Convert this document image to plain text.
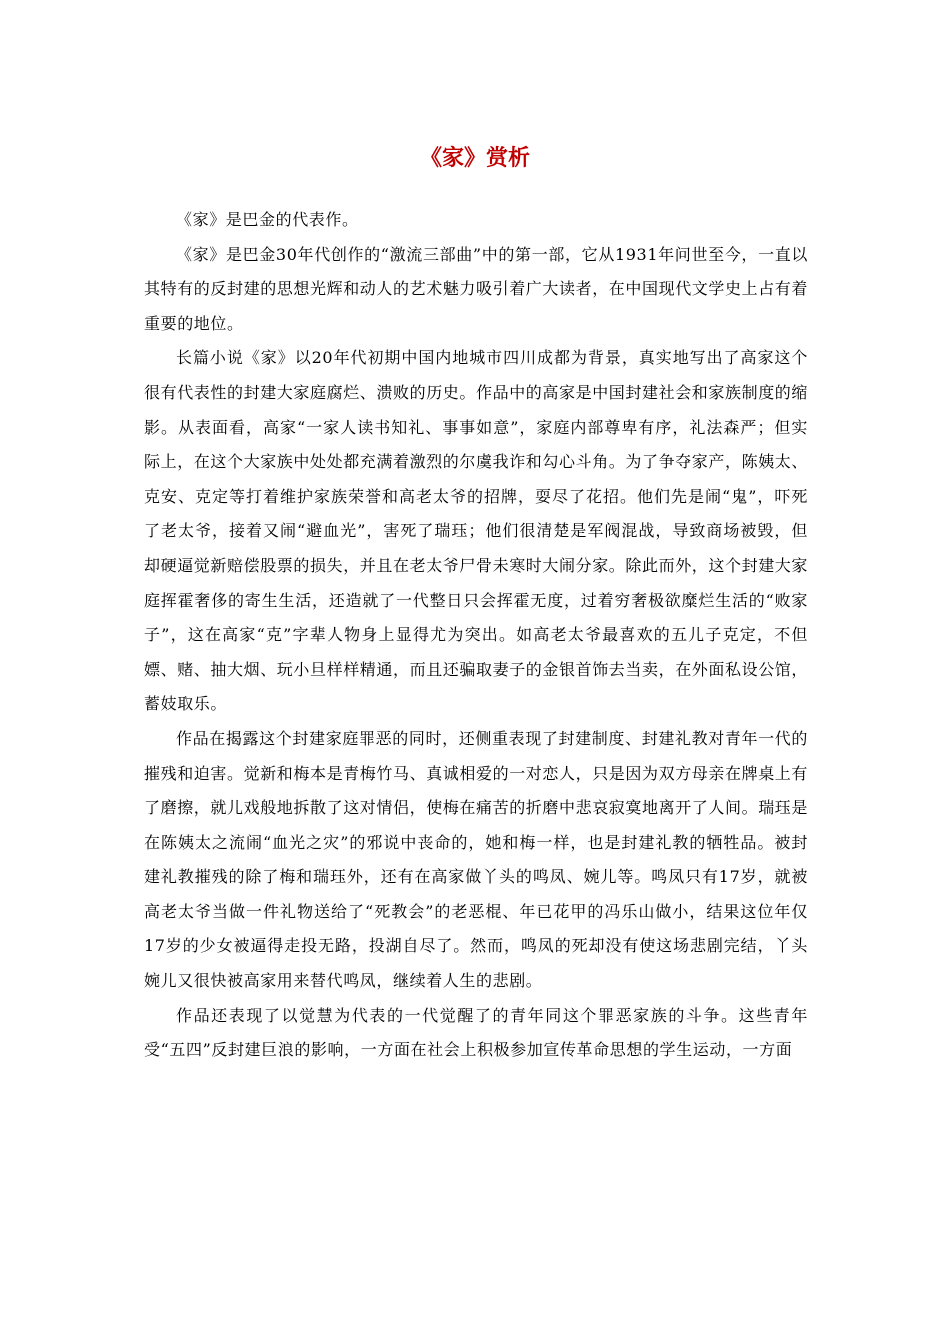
《家》赏析

《家》是巴金的代表作。

《家》是巴金30年代创作的“激流三部曲”中的第一部，它从1931年问世至今，一直以其特有的反封建的思想光辉和动人的艺术魅力吸引着广大读者，在中国现代文学史上占有着重要的地位。

长篇小说《家》以20年代初期中国内地城市四川成都为背景，真实地写出了高家这个很有代表性的封建大家庭腐烂、溃败的历史。作品中的高家是中国封建社会和家族制度的缩影。从表面看，高家“一家人读书知礼、事事如意”，家庭内部尊卑有序，礼法森严；但实际上，在这个大家族中处处都充满着激烈的尔虞我诈和勾心斗角。为了争夺家产，陈姨太、克安、克定等打着维护家族荣誉和高老太爷的招牌，耍尽了花招。他们先是闹“鬼”，吓死了老太爷，接着又闹“避血光”，害死了瑞珏；他们很清楚是军阀混战，导致商场被毁，但却硬逼觉新赔偿股票的损失，并且在老太爷尸骨未寒时大闹分家。除此而外，这个封建大家庭挥霍奢侈的寄生生活，还造就了一代整日只会挥霍无度，过着穷奢极欲糜烂生活的“败家子”，这在高家“克”字辈人物身上显得尤为突出。如高老太爷最喜欢的五儿子克定，不但嫖、赌、抽大烟、玩小旦样样精通，而且还骗取妻子的金银首饰去当卖，在外面私设公馆，蓄妓取乐。

作品在揭露这个封建家庭罪恶的同时，还侧重表现了封建制度、封建礼教对青年一代的摧残和迫害。觉新和梅本是青梅竹马、真诚相爱的一对恋人，只是因为双方母亲在牌桌上有了磨擦，就儿戏般地拆散了这对情侣，使梅在痛苦的折磨中悲哀寂寞地离开了人间。瑞珏是在陈姨太之流闹“血光之灾”的邪说中丧命的，她和梅一样，也是封建礼教的牺牲品。被封建礼教摧残的除了梅和瑞珏外，还有在高家做丫头的鸣凤、婉儿等。鸣凤只有17岁，就被高老太爷当做一件礼物送给了“死教会”的老恶棍、年已花甲的冯乐山做小，结果这位年仅17岁的少女被逼得走投无路，投湖自尽了。然而，鸣凤的死却没有使这场悲剧完结，丫头婉儿又很快被高家用来替代鸣凤，继续着人生的悲剧。

作品还表现了以觉慧为代表的一代觉醒了的青年同这个罪恶家族的斗争。这些青年受“五四”反封建巨浪的影响，一方面在社会上积极参加宣传革命思想的学生运动，一方面
